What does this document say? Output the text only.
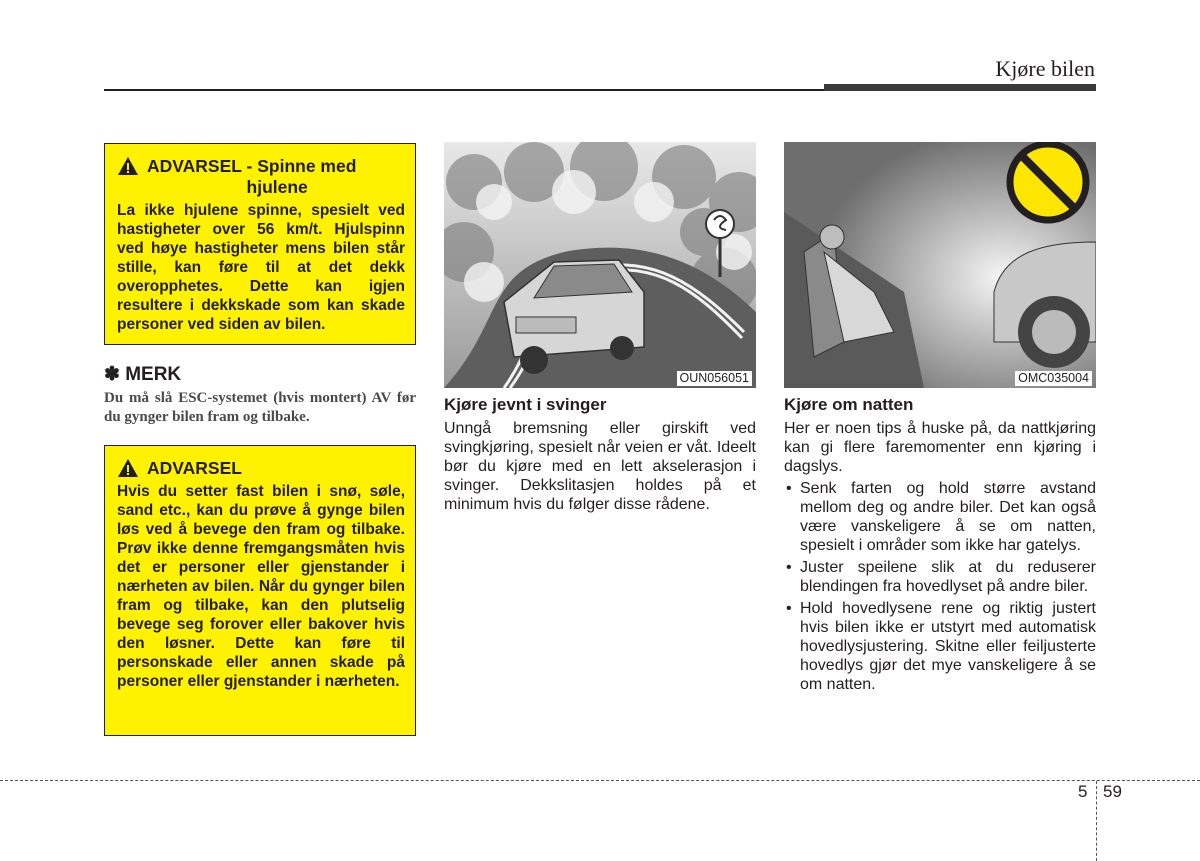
Kjøre bilen
ADVARSEL - Spinne med hjulene
La ikke hjulene spinne, spesielt ved hastigheter over 56 km/t. Hjulspinn ved høye hastigheter mens bilen står stille, kan føre til at det dekk overopphetes. Dette kan igjen resultere i dekkskade som kan skade personer ved siden av bilen.
✽ MERK
Du må slå ESC-systemet (hvis montert) AV før du gynger bilen fram og tilbake.
ADVARSEL
Hvis du setter fast bilen i snø, søle, sand etc., kan du prøve å gynge bilen løs ved å bevege den fram og tilbake. Prøv ikke denne fremgangsmåten hvis det er personer eller gjenstander i nærheten av bilen. Når du gynger bilen fram og tilbake, kan den plutselig bevege seg forover eller bakover hvis den løsner. Dette kan føre til personskade eller annen skade på personer eller gjenstander i nærheten.
OUN056051	OMC035004
Kjøre jevnt i svinger
Unngå bremsning eller girskift ved svingkjøring, spesielt når veien er våt. Ideelt bør du kjøre med en lett akselerasjon i svinger. Dekkslitasjen holdes på et minimum hvis du følger disse rådene.
Kjøre om natten
Her er noen tips å huske på, da nattkjøring kan gi flere faremomenter enn kjøring i dagslys.
• Senk farten og hold større avstand mellom deg og andre biler. Det kan også være vanskeligere å se om natten, spesielt i områder som ikke har gatelys.
• Juster speilene slik at du reduserer blendingen fra hovedlyset på andre biler.
• Hold hovedlysene rene og riktig justert hvis bilen ikke er utstyrt med automatisk hovedlysjustering. Skitne eller feiljusterte hovedlys gjør det mye vanskeligere å se om natten.
5 59
